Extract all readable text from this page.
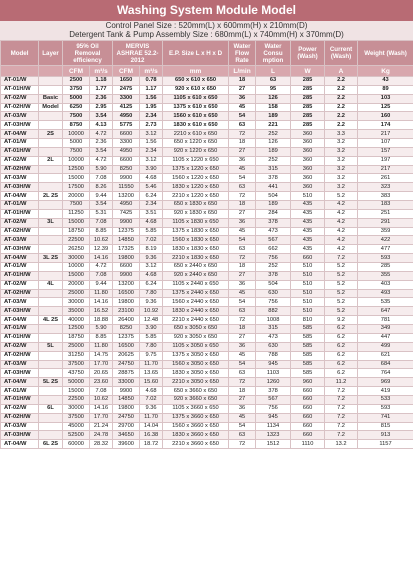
Washing System Module Model
Control Panel Size : 520mm(L) x 600mm(H) x 210mm(D)
Detergent Tank & Pump Assembly Size : 680mm(L) x 740mm(H) x 370mm(D)
Model	Layer	95% Oil Removal efficiency		MERVIS ASHRAE 52.2-2012		E.P. Size L x H x D	Water Flow Rate	Water Consu mption	Power (Wash)	Current (Wash)	Weight (Wash)
		CFM	m³/s	CFM	m³/s	mm	L/min	L	W	A	Kg
AT-01/W		2500	1.18	1650	0.78	650 x 610 x 650	18	63	285	2.2	43
AT-01H/W		3750	1.77	2475	1.17	920 x 610 x 650	27	95	285	2.2	89
AT-02/W	Basic	5000	2.36	3300	1.56	1105 x 610 x 650	36	126	285	2.2	103
AT-02H/W	Model	6250	2.95	4125	1.95	1375 x 610 x 650	45	158	285	2.2	125
AT-03/W		7500	3.54	4950	2.34	1560 x 610 x 650	54	189	285	2.2	160
AT-03H/W		8750	4.13	5775	2.73	1830 x 610 x 650	63	221	285	2.2	174
AT-04/W	2S	10000	4.72	6600	3.12	2210 x 610 x 650	72	252	360	3.3	217
AT-01/W		5000	2.36	3300	1.56	650 x 1220 x 650	18	126	360	3.2	107
AT-01H/W		7500	3.54	4950	2.34	920 x 1220 x 650	27	189	360	3.2	157
AT-02/W	2L	10000	4.72	6600	3.12	1105 x 1220 x 650	36	252	360	3.2	197
AT-02H/W		12500	5.90	8250	3.90	1375 x 1220 x 650	45	315	360	3.2	217
AT-03/W		15000	7.08	9900	4.68	1560 x 1220 x 650	54	378	360	3.2	261
AT-03H/W		17500	8.26	11550	5.46	1830 x 1220 x 650	63	441	360	3.2	323
AT-04/W	2L 2S	20000	9.44	13200	6.24	2210 x 1220 x 650	72	504	510	5.2	383
AT-01/W		7500	3.54	4950	2.34	650 x 1830 x 650	18	189	435	4.2	183
AT-01H/W		11250	5.31	7425	3.51	920 x 1830 x 650	27	284	435	4.2	251
AT-02/W	3L	15000	7.08	9900	4.68	1105 x 1830 x 650	36	378	435	4.2	291
AT-02H/W		18750	8.85	12375	5.85	1375 x 1830 x 650	45	473	435	4.2	359
AT-03/W		22500	10.62	14850	7.02	1560 x 1830 x 650	54	567	435	4.2	422
AT-03H/W		26250	12.39	17325	8.19	1830 x 1830 x 650	63	662	435	4.2	477
AT-04/W	3L 2S	30000	14.16	19800	9.36	2210 x 1830 x 650	72	756	660	7.2	593
AT-01/W		10000	4.72	6600	3.12	650 x 2440 x 650	18	252	510	5.2	285
AT-01H/W		15000	7.08	9900	4.68	920 x 2440 x 650	27	378	510	5.2	355
AT-02/W	4L	20000	9.44	13200	6.24	1105 x 2440 x 650	36	504	510	5.2	403
AT-02H/W		25000	11.80	16500	7.80	1375 x 2440 x 650	45	630	510	5.2	493
AT-03/W		30000	14.16	19800	9.36	1560 x 2440 x 650	54	756	510	5.2	535
AT-03H/W		35000	16.52	23100	10.92	1830 x 2440 x 650	63	882	510	5.2	647
AT-04/W	4L 2S	40000	18.88	26400	12.48	2210 x 2440 x 650	72	1008	810	9.2	781
AT-01/W		12500	5.90	8250	3.90	650 x 3050 x 650	18	315	585	6.2	349
AT-01H/W		18750	8.85	12375	5.85	920 x 3050 x 650	27	473	585	6.2	447
AT-02/W	5L	25000	11.80	16500	7.80	1105 x 3050 x 650	36	630	585	6.2	499
AT-02H/W		31250	14.75	20625	9.75	1375 x 3050 x 650	45	788	585	6.2	621
AT-03/W		37500	17.70	24750	11.70	1560 x 3050 x 650	54	945	585	6.2	684
AT-03H/W		43750	20.65	28875	13.65	1830 x 3050 x 650	63	1103	585	6.2	764
AT-04/W	5L 2S	50000	23.60	33000	15.60	2210 x 3050 x 650	72	1260	960	11.2	969
AT-01/W		15000	7.08	9900	4.68	650 x 3660 x 650	18	378	660	7.2	419
AT-01H/W		22500	10.62	14850	7.02	920 x 3660 x 650	27	567	660	7.2	533
AT-02/W	6L	30000	14.16	19800	9.36	1105 x 3660 x 650	36	756	660	7.2	593
AT-02H/W		37500	17.70	24750	11.70	1375 x 3660 x 650	45	945	660	7.2	741
AT-03/W		45000	21.24	29700	14.04	1560 x 3660 x 650	54	1134	660	7.2	815
AT-03H/W		52500	24.78	34650	16.38	1830 x 3660 x 650	63	1323	660	7.2	913
AT-04/W	6L 2S	60000	28.32	39600	18.72	2210 x 3660 x 650	72	1512	1110	13.2	1157
